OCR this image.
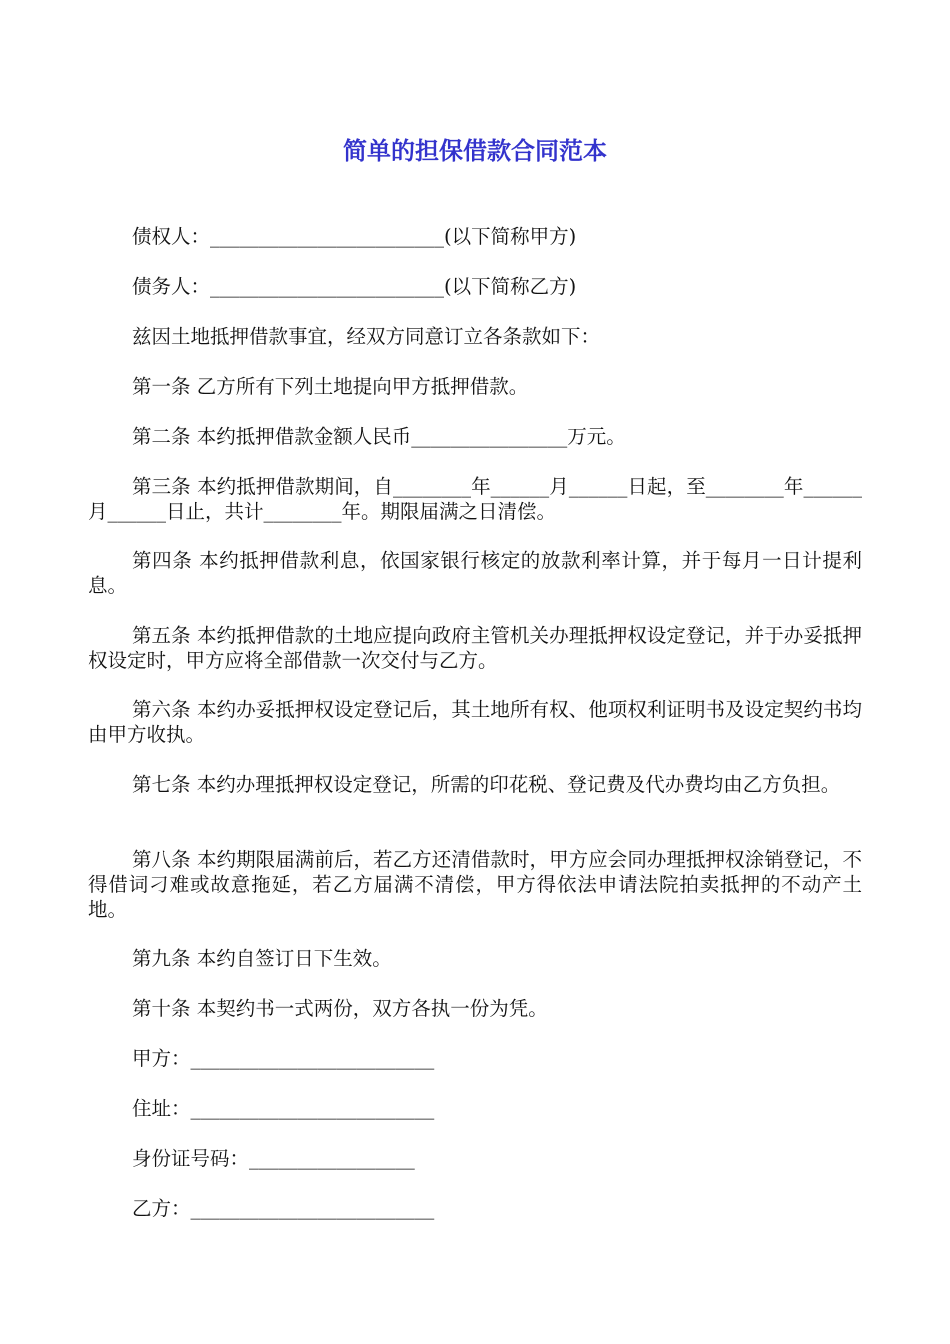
简单的担保借款合同范本

债权人：________________________(以下简称甲方)

债务人：________________________(以下简称乙方)

兹因土地抵押借款事宜，经双方同意订立各条款如下：

第一条 乙方所有下列土地提向甲方抵押借款。

第二条 本约抵押借款金额人民币________________万元。

第三条 本约抵押借款期间，自________年______月______日起，至________年______月______日止，共计________年。期限届满之日清偿。

第四条 本约抵押借款利息，依国家银行核定的放款利率计算，并于每月一日计提利息。

第五条 本约抵押借款的土地应提向政府主管机关办理抵押权设定登记，并于办妥抵押权设定时，甲方应将全部借款一次交付与乙方。

第六条 本约办妥抵押权设定登记后，其土地所有权、他项权利证明书及设定契约书均由甲方收执。

第七条 本约办理抵押权设定登记，所需的印花税、登记费及代办费均由乙方负担。

第八条 本约期限届满前后，若乙方还清借款时，甲方应会同办理抵押权涂销登记，不得借词刁难或故意拖延，若乙方届满不清偿，甲方得依法申请法院拍卖抵押的不动产土地。

第九条 本约自签订日下生效。

第十条 本契约书一式两份，双方各执一份为凭。

甲方：_________________________

住址：_________________________

身份证号码：_________________

乙方：_________________________
